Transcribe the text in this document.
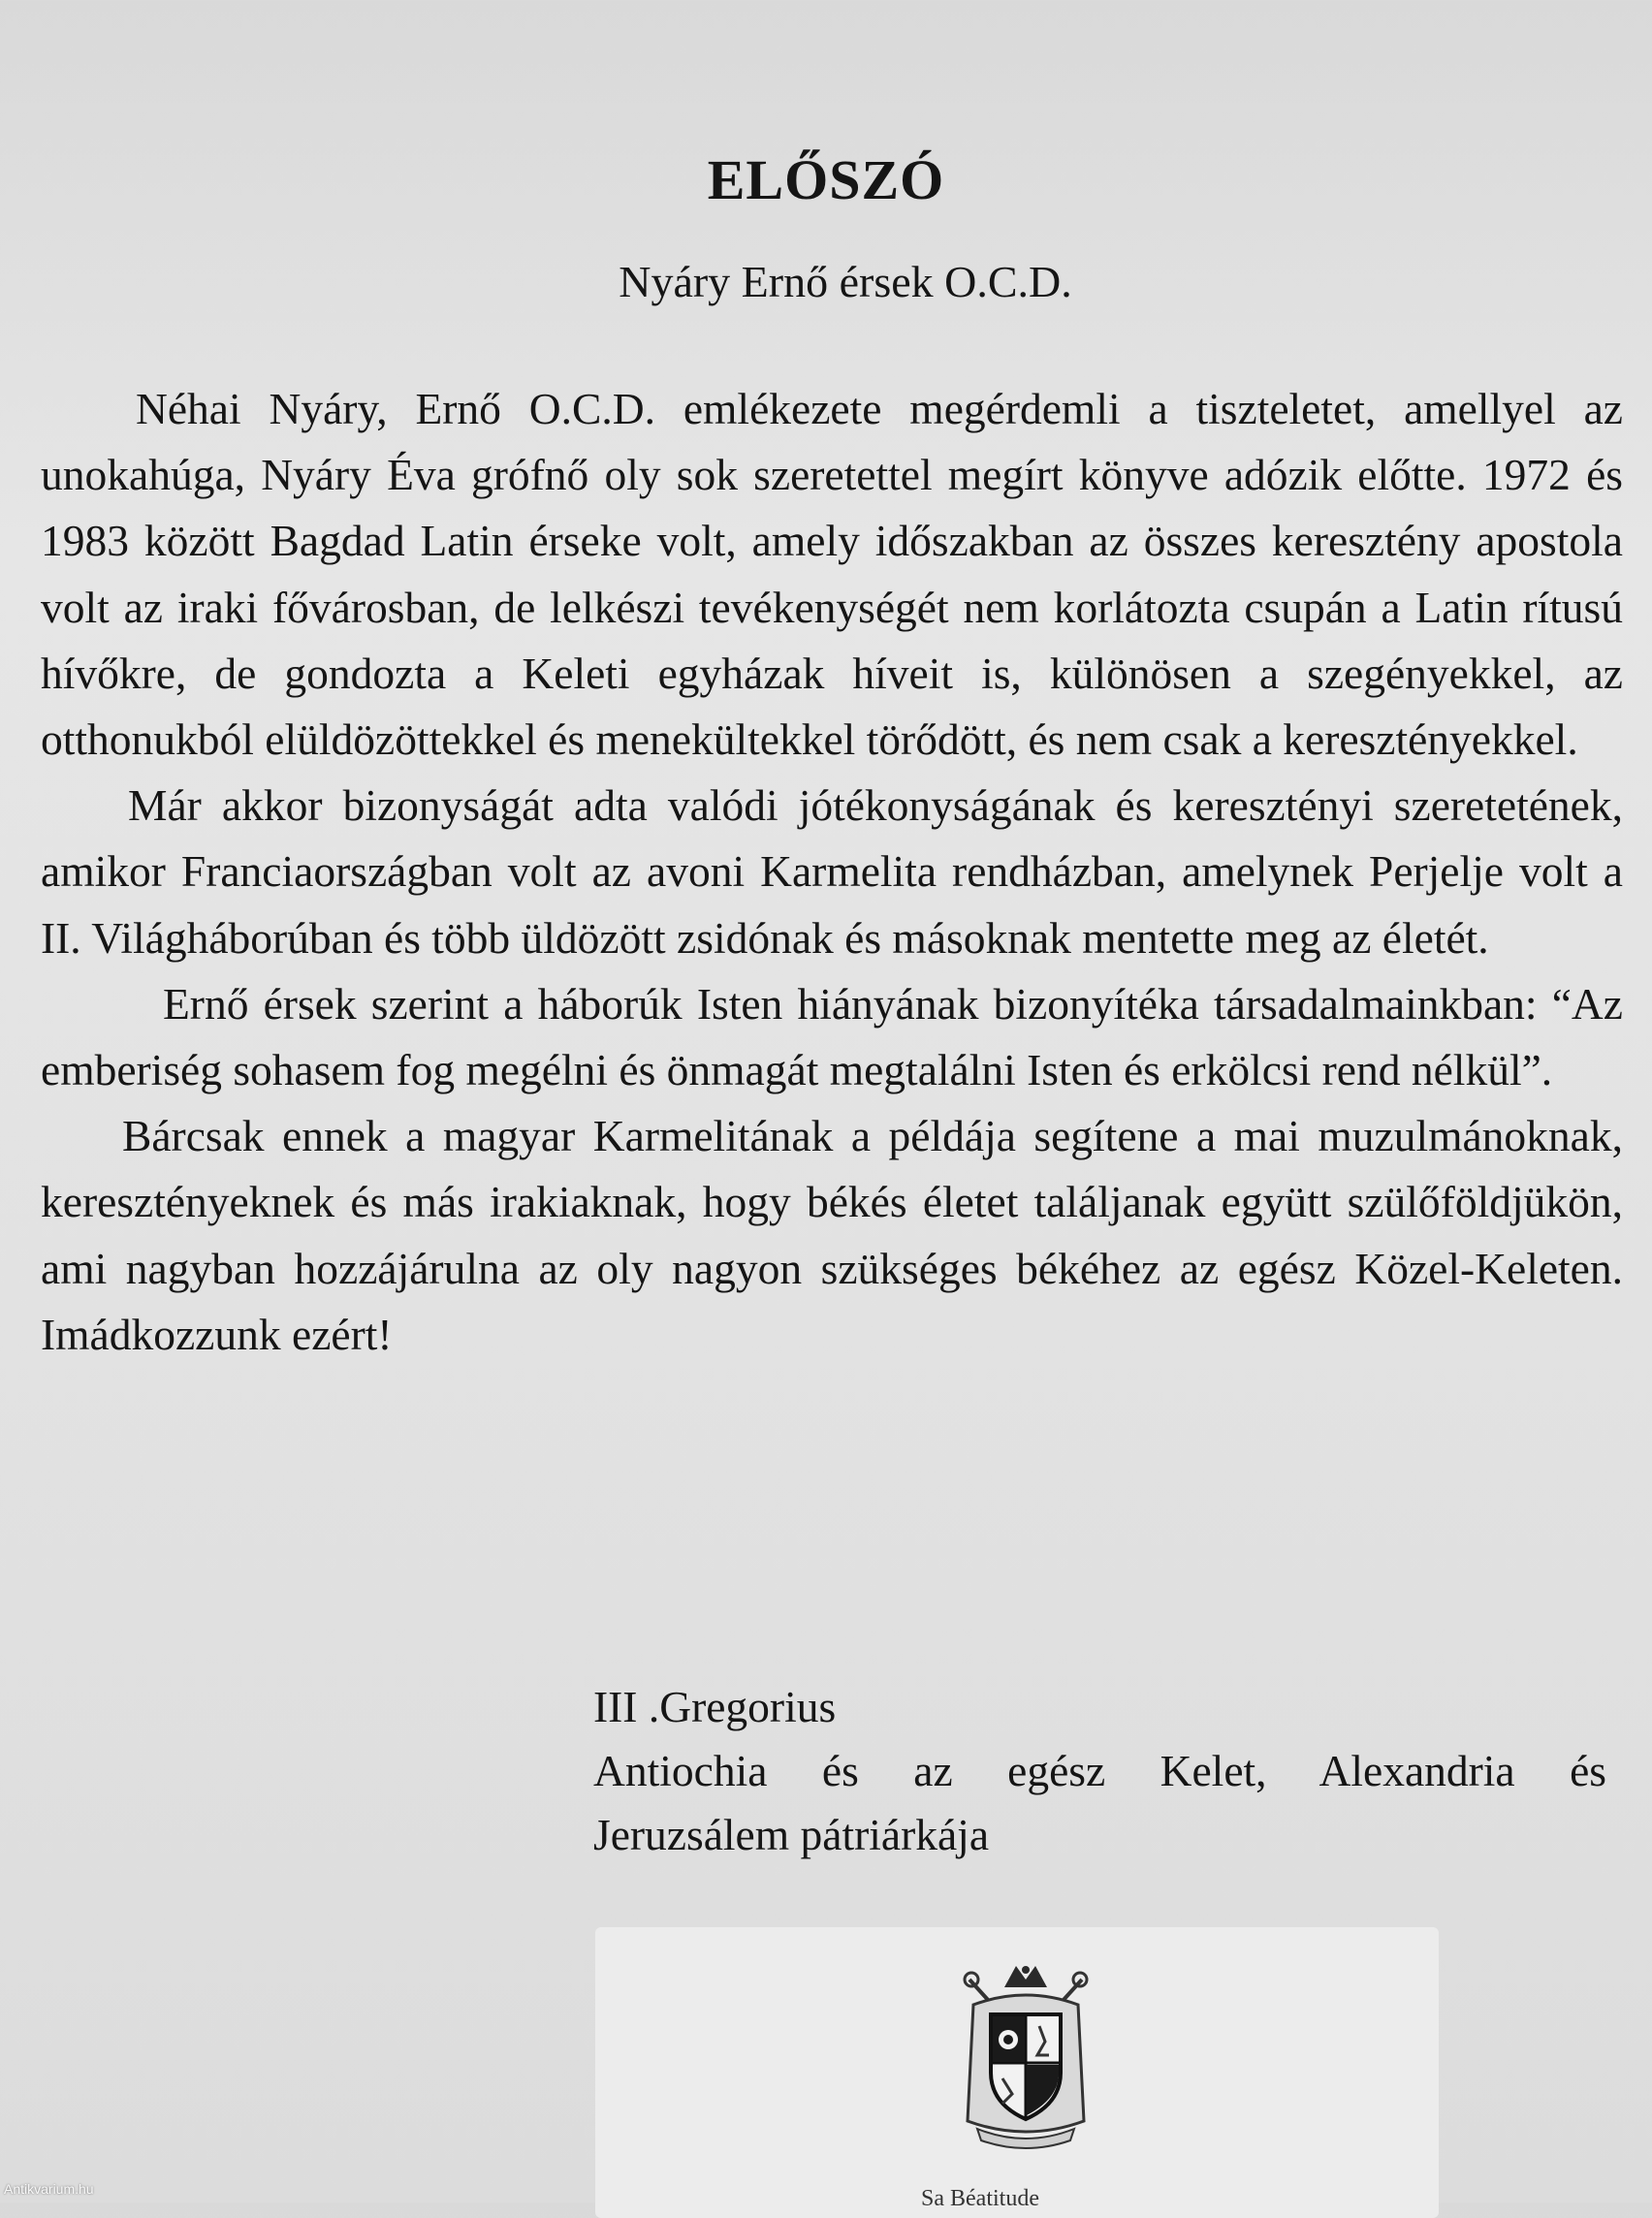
ELŐSZÓ
Nyáry Ernő érsek O.C.D.

Néhai Nyáry, Ernő O.C.D. emlékezete megérdemli a tiszteletet, amellyel az unokahúga, Nyáry Éva grófnő oly sok szeretettel megírt könyve adózik előtte. 1972 és 1983 között Bagdad Latin érseke volt, amely időszakban az összes keresztény apostola volt az iraki fővárosban, de lelkészi tevékenységét nem korlátozta csupán a Latin rítusú hívőkre, de gondozta a Keleti egyházak híveit is, különösen a szegényekkel, az otthonukból elüldözöttekkel és menekültekkel törődött, és nem csak a keresztényekkel.

Már akkor bizonyságát adta valódi jótékonyságának és keresztényi szeretetének, amikor Franciaországban volt az avoni Karmelita rendházban, amelynek Perjelje volt a II. Világháborúban és több üldözött zsidónak és másoknak mentette meg az életét.

Ernő érsek szerint a háborúk Isten hiányának bizonyítéka társadalmainkban: “Az emberiség sohasem fog megélni és önmagát megtalálni Isten és erkölcsi rend nélkül”.

Bárcsak ennek a magyar Karmelitának a példája segítene a mai muzulmánoknak, keresztényeknek és más irakiaknak, hogy békés életet találjanak együtt szülőföldjükön, ami nagyban hozzájárulna az oly nagyon szükséges békéhez az egész Közel-Keleten. Imádkozzunk ezért!

III .Gregorius
Antiochia és az egész Kelet, Alexandria és
Jeruzsálem pátriárkája
Sa Béatitude
Antikvarium.hu
